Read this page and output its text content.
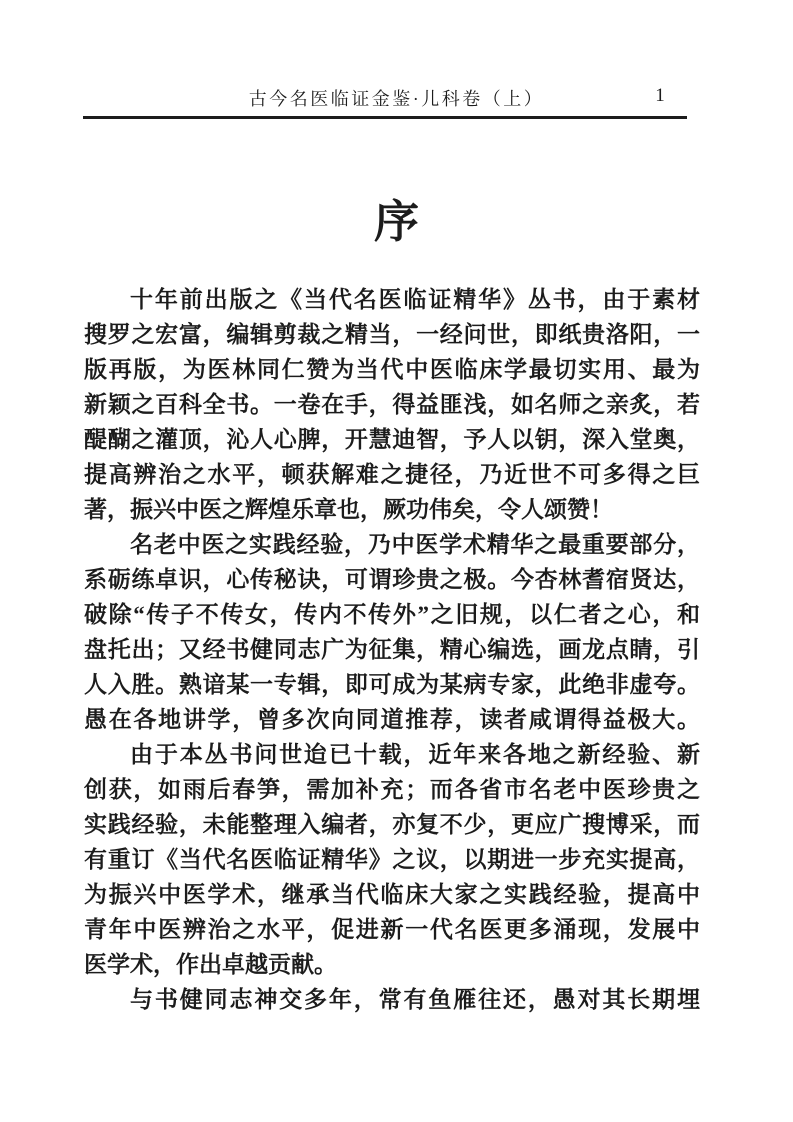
古今名医临证金鉴·儿科卷（上）	1
序
十年前出版之《当代名医临证精华》丛书，由于素材
搜罗之宏富，编辑剪裁之精当，一经问世，即纸贵洛阳，一
版再版，为医林同仁赞为当代中医临床学最切实用、最为
新颖之百科全书。一卷在手，得益匪浅，如名师之亲炙，若
醍醐之灌顶，沁人心脾，开慧迪智，予人以钥，深入堂奥，
提高辨治之水平，顿获解难之捷径，乃近世不可多得之巨
著，振兴中医之辉煌乐章也，厥功伟矣，令人颂赞！
名老中医之实践经验，乃中医学术精华之最重要部分，
系砺练卓识，心传秘诀，可谓珍贵之极。今杏林耆宿贤达，
破除“传子不传女，传内不传外”之旧规，以仁者之心，和
盘托出；又经书健同志广为征集，精心编选，画龙点睛，引
人入胜。熟谙某一专辑，即可成为某病专家，此绝非虚夸。
愚在各地讲学，曾多次向同道推荐，读者咸谓得益极大。
由于本丛书问世迨已十载，近年来各地之新经验、新
创获，如雨后春笋，需加补充；而各省市名老中医珍贵之
实践经验，未能整理入编者，亦复不少，更应广搜博采，而
有重订《当代名医临证精华》之议，以期进一步充实提高，
为振兴中医学术，继承当代临床大家之实践经验，提高中
青年中医辨治之水平，促进新一代名医更多涌现，发展中
医学术，作出卓越贡献。
与书健同志神交多年，常有鱼雁往还，愚对其长期埋
